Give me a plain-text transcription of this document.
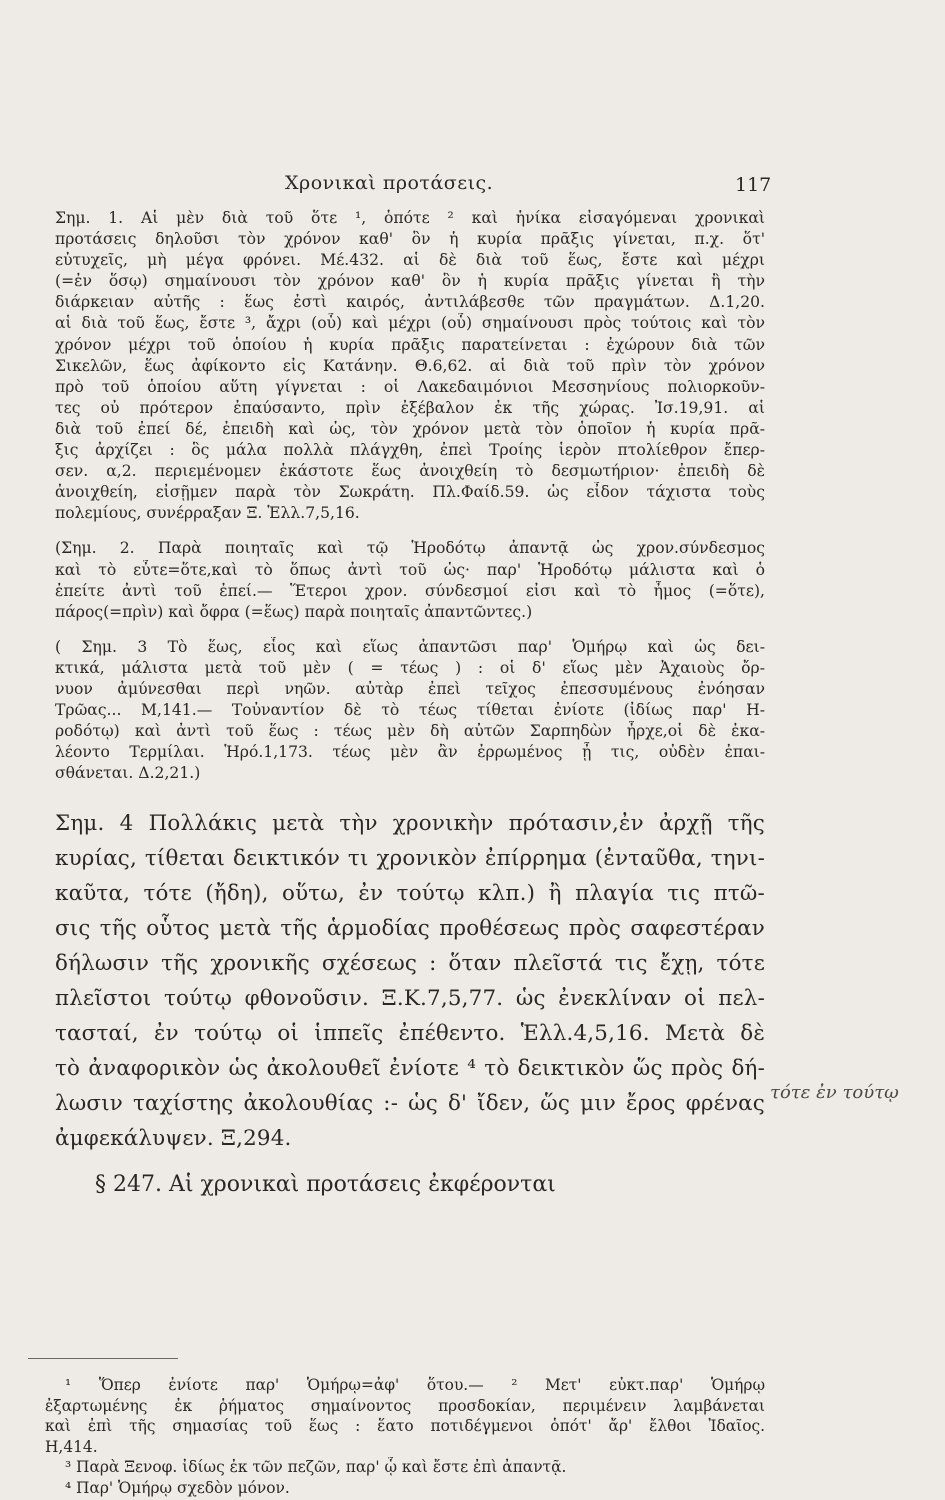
Χρονικαὶ προτάσεις.	117

Σημ. 1. Αἱ μὲν διὰ τοῦ ὅτε ¹, ὁπότε ² καὶ ἡνίκα εἰσαγόμεναι χρονικαὶ

προτάσεις δηλοῦσι τὸν χρόνον καθ' ὃν ἡ κυρία πρᾶξις γίνεται, π.χ. ὅτ'

εὐτυχεῖς, μὴ μέγα φρόνει. Μέ.432. αἱ δὲ διὰ τοῦ ἕως, ἔστε καὶ μέχρι

(=ἐν ὅσῳ) σημαίνουσι τὸν χρόνον καθ' ὃν ἡ κυρία πρᾶξις γίνεται ἢ τὴν

διάρκειαν αὐτῆς : ἕως ἐστὶ καιρός, ἀντιλάβεσθε τῶν πραγμάτων. Δ.1,20.

αἱ διὰ τοῦ ἕως, ἔστε ³, ἄχρι (οὗ) καὶ μέχρι (οὗ) σημαίνουσι πρὸς τούτοις καὶ τὸν

χρόνον μέχρι τοῦ ὁποίου ἡ κυρία πρᾶξις παρατείνεται : ἐχώρουν διὰ τῶν

Σικελῶν, ἕως ἀφίκοντο εἰς Κατάνην. Θ.6,62. αἱ διὰ τοῦ πρὶν τὸν χρόνον

πρὸ τοῦ ὁποίου αὕτη γίγνεται : οἱ Λακεδαιμόνιοι Μεσσηνίους πολιορκοῦν-

τες οὐ πρότερον ἐπαύσαντο, πρὶν ἐξέβαλον ἐκ τῆς χώρας. Ἰσ.19,91. αἱ

διὰ τοῦ ἐπεί δέ, ἐπειδὴ καὶ ὡς, τὸν χρόνον μετὰ τὸν ὁποῖον ἡ κυρία πρᾶ-

ξις ἀρχίζει : ὃς μάλα πολλὰ πλάγχθη, ἐπεὶ Τροίης ἱερὸν πτολίεθρον ἔπερ-

σεν. α,2. περιεμένομεν ἑκάστοτε ἕως ἀνοιχθείη τὸ δεσμωτήριον· ἐπειδὴ δὲ

ἀνοιχθείη, εἰσῇμεν παρὰ τὸν Σωκράτη. Πλ.Φαίδ.59. ὡς εἶδον τάχιστα τοὺς

πολεμίους, συνέρραξαν Ξ. Ἑλλ.7,5,16.

(Σημ. 2. Παρὰ ποιηταῖς καὶ τῷ Ἡροδότῳ ἀπαντᾷ ὡς χρον.σύνδεσμος

καὶ τὸ εὖτε=ὅτε,καὶ τὸ ὅπως ἀντὶ τοῦ ὡς· παρ' Ἡροδότῳ μάλιστα καὶ ὁ

ἐπείτε ἀντὶ τοῦ ἐπεί.— Ἕτεροι χρον. σύνδεσμοί εἰσι καὶ τὸ ἦμος (=ὅτε),

πάρος(=πρὶν) καὶ ὄφρα (=ἕως) παρὰ ποιηταῖς ἀπαντῶντες.)

( Σημ. 3 Τὸ ἕως, εἷος καὶ εἵως ἀπαντῶσι παρ' Ὁμήρῳ καὶ ὡς δει-

κτικά, μάλιστα μετὰ τοῦ μὲν ( = τέως ) : οἱ δ' εἵως μὲν Ἀχαιοὺς ὄρ-

νυον ἀμύνεσθαι περὶ νηῶν. αὐτὰρ ἐπεὶ τεῖχος ἐπεσσυμένους ἐνόησαν

Τρῶας... Μ,141.— Τοὐναντίον δὲ τὸ τέως τίθεται ἐνίοτε (ἰδίως παρ' Η-

ροδότῳ) καὶ ἀντὶ τοῦ ἕως : τέως μὲν δὴ αὐτῶν Σαρπηδὼν ἦρχε,οἱ δὲ ἐκα-

λέοντο Τερμίλαι. Ἡρό.1,173. τέως μὲν ἂν ἐρρωμένος ᾖ τις, οὐδὲν ἐπαι-

σθάνεται. Δ.2,21.)

Σημ. 4 Πολλάκις μετὰ τὴν χρονικὴν πρότασιν,ἐν ἀρχῇ τῆς

κυρίας, τίθεται δεικτικόν τι χρονικὸν ἐπίρρημα (ἐνταῦθα, τηνι-

καῦτα, τότε (ἤδη), οὕτω, ἐν τούτῳ κλπ.) ἢ πλαγία τις πτῶ-

σις τῆς οὗτος μετὰ τῆς ἁρμοδίας προθέσεως πρὸς σαφεστέραν

δήλωσιν τῆς χρονικῆς σχέσεως : ὅταν πλεῖστά τις ἔχῃ, τότε

πλεῖστοι τούτῳ φθονοῦσιν. Ξ.Κ.7,5,77. ὡς ἐνεκλίναν οἱ πελ-

τασταί, ἐν τούτῳ οἱ ἱππεῖς ἐπέθεντο. Ἑλλ.4,5,16. Μετὰ δὲ

τὸ ἀναφορικὸν ὡς ἀκολουθεῖ ἐνίοτε ⁴ τὸ δεικτικὸν ὥς πρὸς δή-

λωσιν ταχίστης ἀκολουθίας :- ὡς δ' ἴδεν, ὥς μιν ἔρος φρένας

ἀμφεκάλυψεν. Ξ,294.

§ 247. Αἱ χρονικαὶ προτάσεις ἐκφέρονται
τότε ἐν τούτῳ

¹ Ὅπερ ἐνίοτε παρ' Ὁμήρῳ=ἀφ' ὅτου.— ² Μετ' εὐκτ.παρ' Ὁμήρῳ

ἐξαρτωμένης ἐκ ῥήματος σημαίνοντος προσδοκίαν, περιμένειν λαμβάνεται

καὶ ἐπὶ τῆς σημασίας τοῦ ἕως : ἕατο ποτιδέγμενοι ὁπότ' ἄρ' ἔλθοι Ἰδαῖος.

Η,414.

³ Παρὰ Ξενοφ. ἰδίως ἐκ τῶν πεζῶν, παρ' ᾧ καὶ ἔστε ἐπὶ ἀπαντᾷ.

⁴ Παρ' Ὁμήρῳ σχεδὸν μόνον.
